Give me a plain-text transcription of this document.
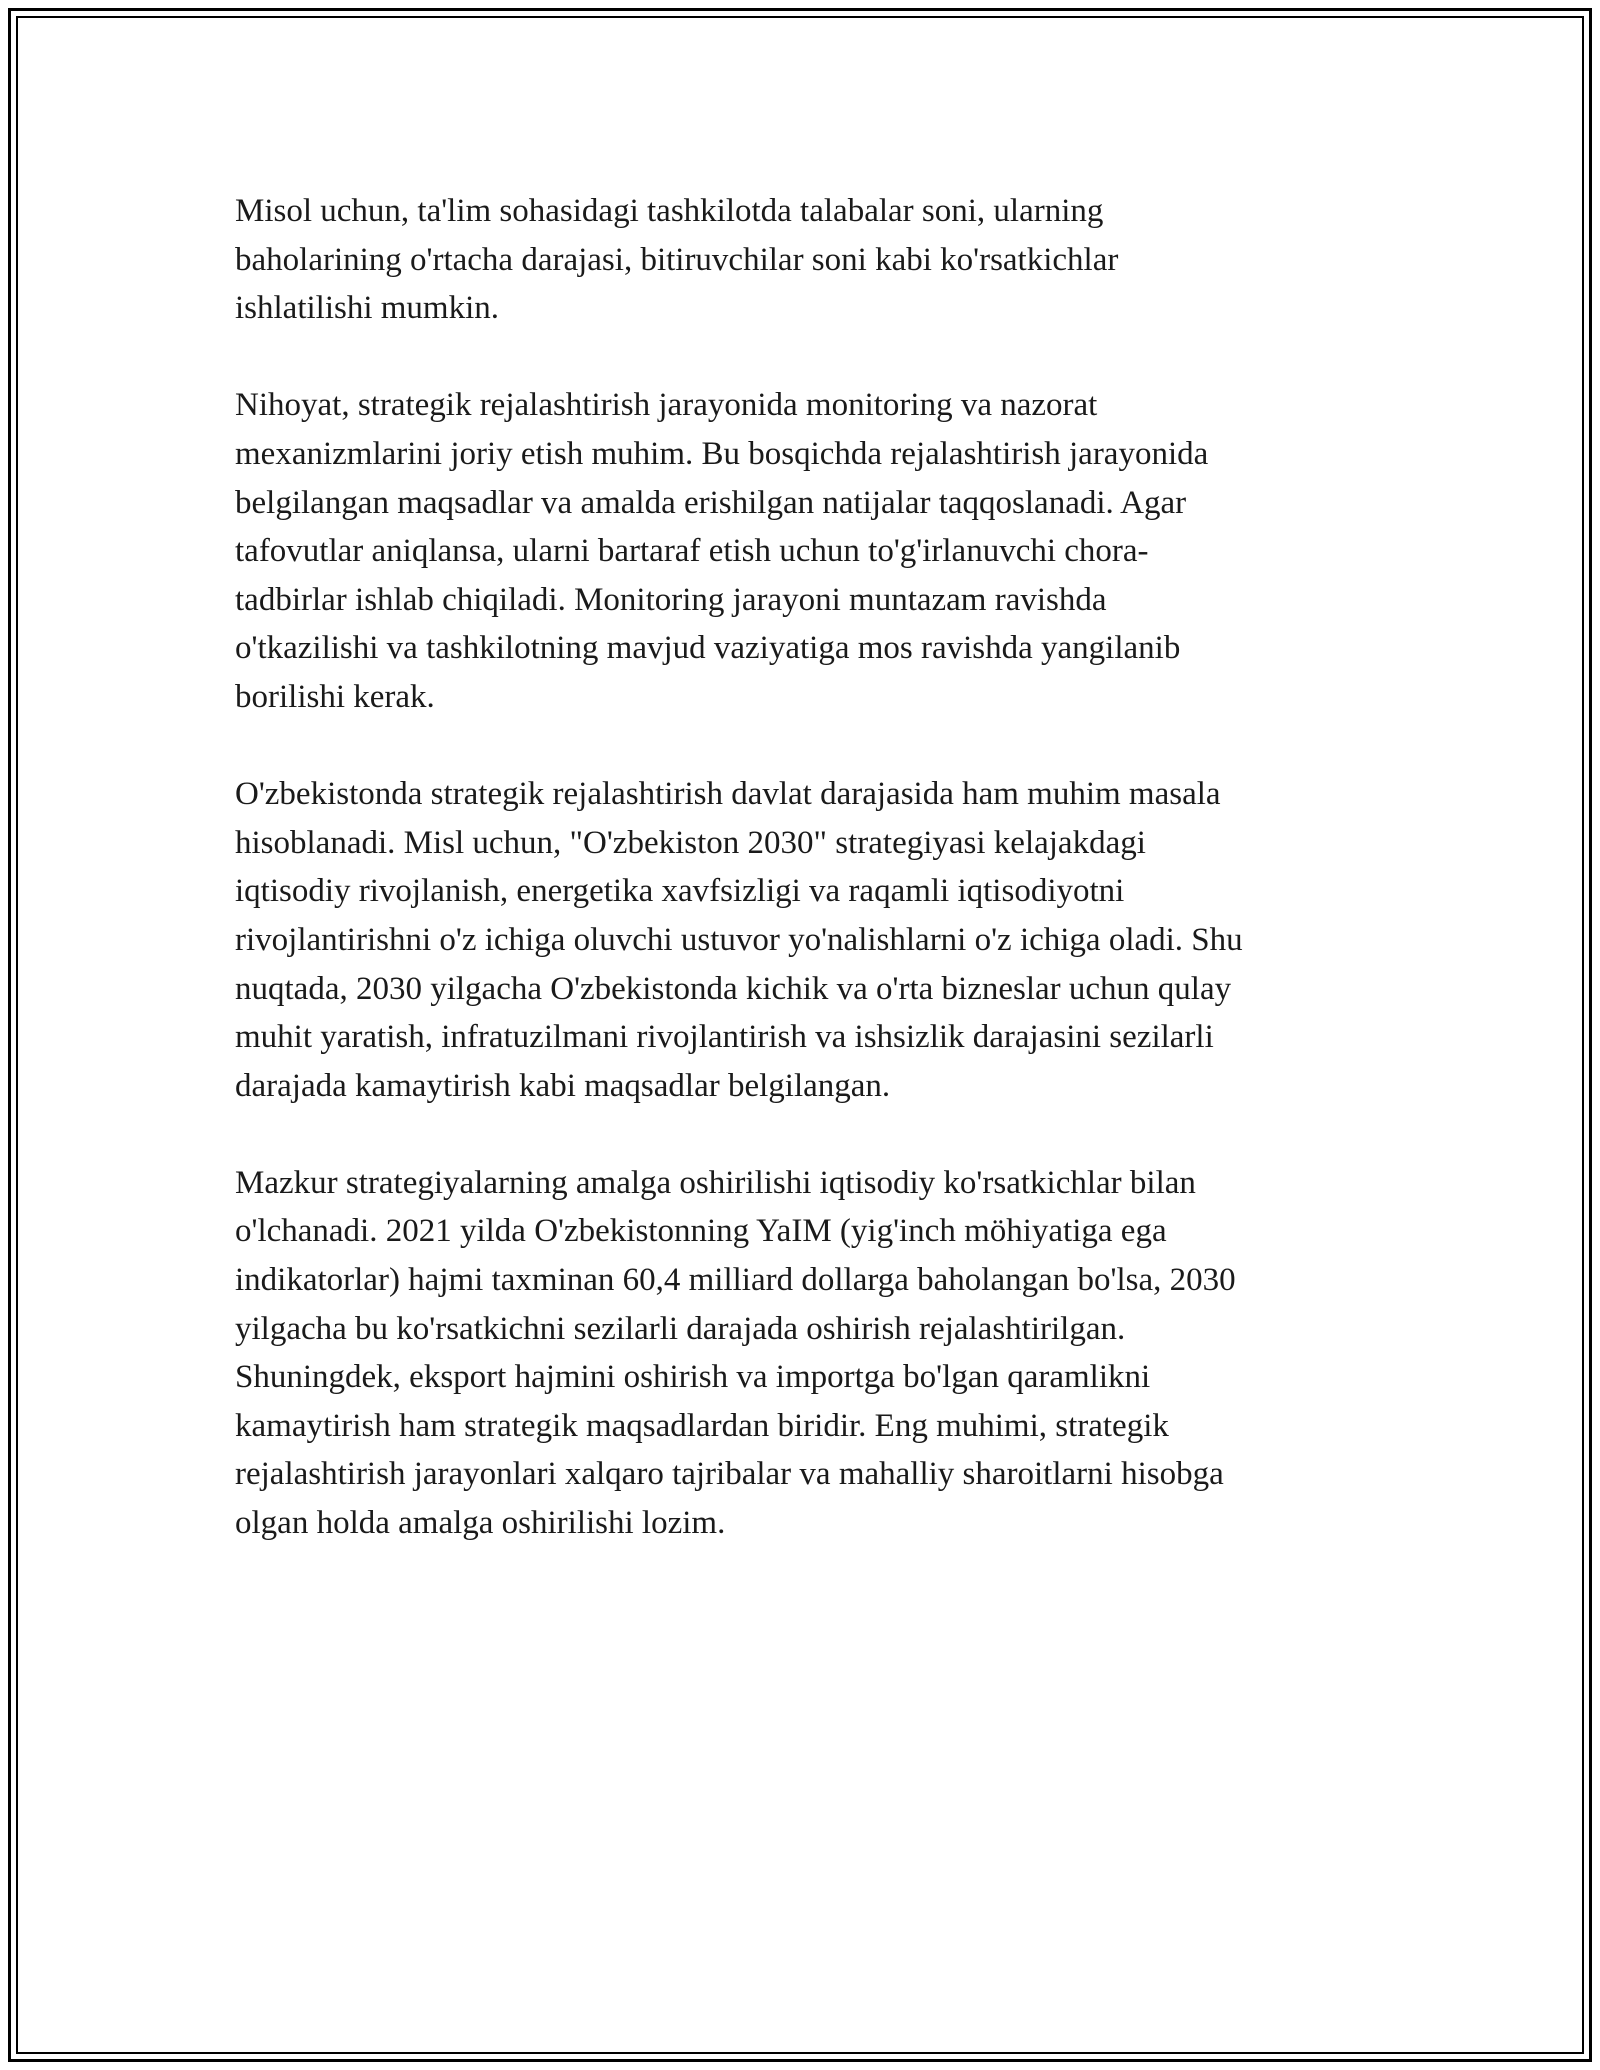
Misol uchun, ta'lim sohasidagi tashkilotda talabalar soni, ularning
baholarining o'rtacha darajasi, bitiruvchilar soni kabi ko'rsatkichlar
ishlatilishi mumkin.

Nihoyat, strategik rejalashtirish jarayonida monitoring va nazorat
mexanizmlarini joriy etish muhim. Bu bosqichda rejalashtirish jarayonida
belgilangan maqsadlar va amalda erishilgan natijalar taqqoslanadi. Agar
tafovutlar aniqlansa, ularni bartaraf etish uchun to'g'irlanuvchi chora-
tadbirlar ishlab chiqiladi. Monitoring jarayoni muntazam ravishda
o'tkazilishi va tashkilotning mavjud vaziyatiga mos ravishda yangilanib
borilishi kerak.

O'zbekistonda strategik rejalashtirish davlat darajasida ham muhim masala
hisoblanadi. Misl uchun, "O'zbekiston 2030" strategiyasi kelajakdagi
iqtisodiy rivojlanish, energetika xavfsizligi va raqamli iqtisodiyotni
rivojlantirishni o'z ichiga oluvchi ustuvor yo'nalishlarni o'z ichiga oladi. Shu
nuqtada, 2030 yilgacha O'zbekistonda kichik va o'rta bizneslar uchun qulay
muhit yaratish, infratuzilmani rivojlantirish va ishsizlik darajasini sezilarli
darajada kamaytirish kabi maqsadlar belgilangan.

Mazkur strategiyalarning amalga oshirilishi iqtisodiy ko'rsatkichlar bilan
o'lchanadi. 2021 yilda O'zbekistonning YaIM (yig'inch möhiyatiga ega
indikatorlar) hajmi taxminan 60,4 milliard dollarga baholangan bo'lsa, 2030
yilgacha bu ko'rsatkichni sezilarli darajada oshirish rejalashtirilgan.
Shuningdek, eksport hajmini oshirish va importga bo'lgan qaramlikni
kamaytirish ham strategik maqsadlardan biridir. Eng muhimi, strategik
rejalashtirish jarayonlari xalqaro tajribalar va mahalliy sharoitlarni hisobga
olgan holda amalga oshirilishi lozim.
